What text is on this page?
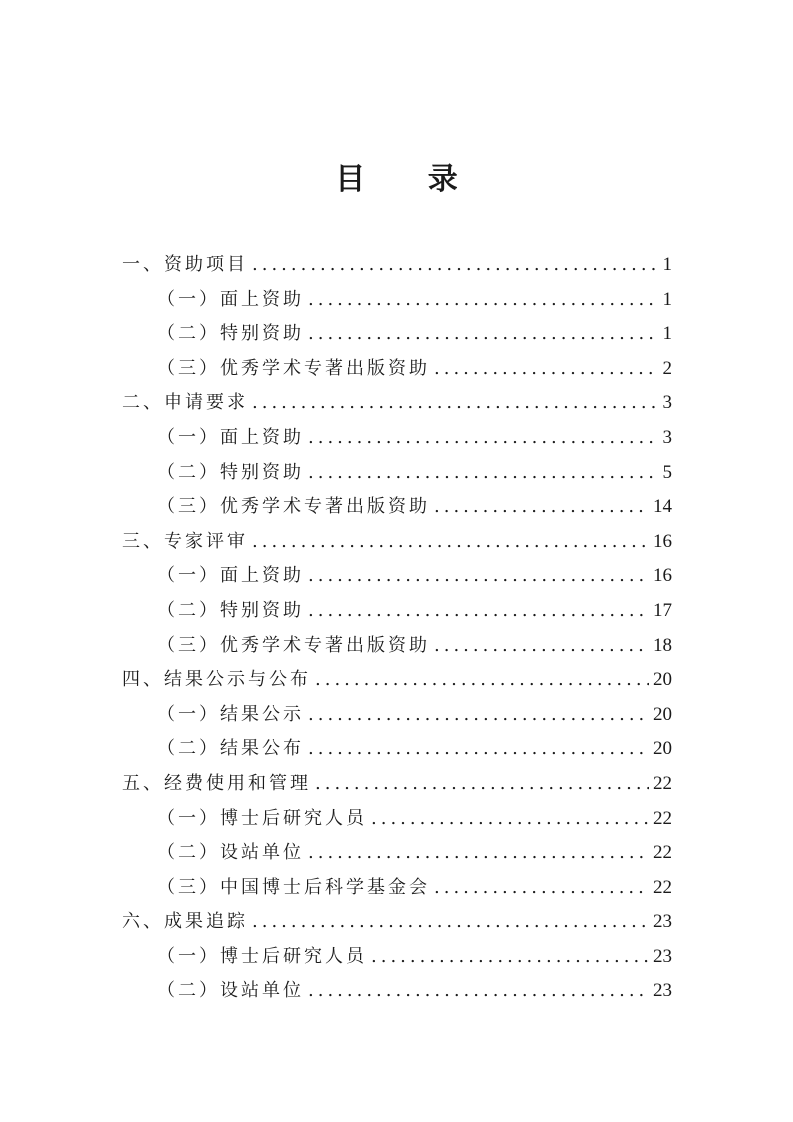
目 录
一、资助项目 .....	1
（一）面上资助 .....	1
（二）特别资助 .....	1
（三）优秀学术专著出版资助 .....	2
二、申请要求 .....	3
（一）面上资助 .....	3
（二）特别资助 .....	5
（三）优秀学术专著出版资助 .....	14
三、专家评审 .....	16
（一）面上资助 .....	16
（二）特别资助 .....	17
（三）优秀学术专著出版资助 .....	18
四、结果公示与公布 .....	20
（一）结果公示 .....	20
（二）结果公布 .....	20
五、经费使用和管理 .....	22
（一）博士后研究人员 .....	22
（二）设站单位 .....	22
（三）中国博士后科学基金会 .....	22
六、成果追踪 .....	23
（一）博士后研究人员 .....	23
（二）设站单位 .....	23
